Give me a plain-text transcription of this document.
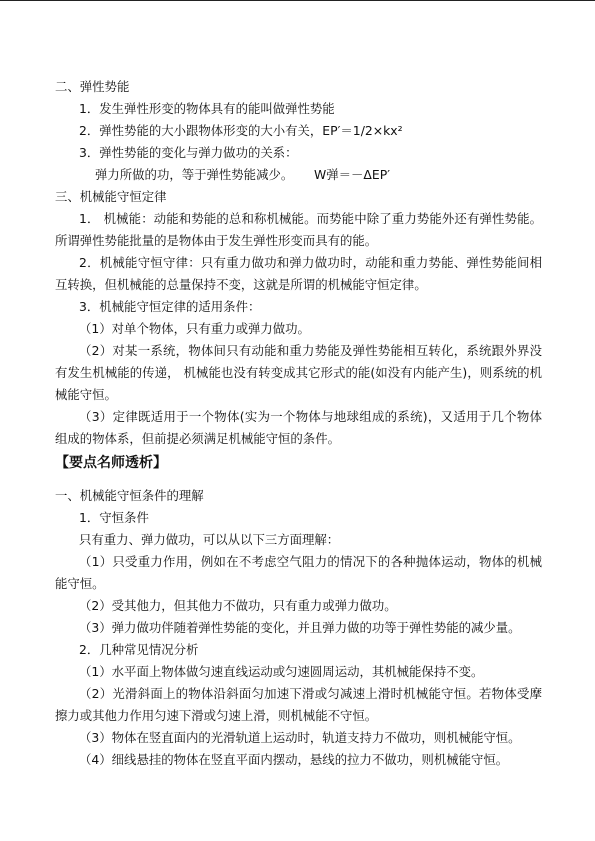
二、弹性势能
1．发生弹性形变的物体具有的能叫做弹性势能
2．弹性势能的大小跟物体形变的大小有关，EP′＝1/2×kx²
3．弹性势能的变化与弹力做功的关系：
弹力所做的功，等于弹性势能减少。 W弹＝－ΔEP′
三、机械能守恒定律
1． 机械能：动能和势能的总和称机械能。而势能中除了重力势能外还有弹性势能。所谓弹性势能批量的是物体由于发生弹性形变而具有的能。
2．机械能守恒守律：只有重力做功和弹力做功时，动能和重力势能、弹性势能间相互转换，但机械能的总量保持不变，这就是所谓的机械能守恒定律。
3．机械能守恒定律的适用条件：
（1）对单个物体，只有重力或弹力做功。
（2）对某一系统，物体间只有动能和重力势能及弹性势能相互转化，系统跟外界没有发生机械能的传递， 机械能也没有转变成其它形式的能(如没有内能产生)，则系统的机械能守恒。
（3）定律既适用于一个物体(实为一个物体与地球组成的系统)，又适用于几个物体组成的物体系，但前提必须满足机械能守恒的条件。
【要点名师透析】
一、机械能守恒条件的理解
1．守恒条件
只有重力、弹力做功，可以从以下三方面理解：
（1）只受重力作用，例如在不考虑空气阻力的情况下的各种抛体运动，物体的机械能守恒。
（2）受其他力，但其他力不做功，只有重力或弹力做功。
（3）弹力做功伴随着弹性势能的变化，并且弹力做的功等于弹性势能的减少量。
2．几种常见情况分析
（1）水平面上物体做匀速直线运动或匀速圆周运动，其机械能保持不变。
（2）光滑斜面上的物体沿斜面匀加速下滑或匀减速上滑时机械能守恒。若物体受摩擦力或其他力作用匀速下滑或匀速上滑，则机械能不守恒。
（3）物体在竖直面内的光滑轨道上运动时，轨道支持力不做功，则机械能守恒。
（4）细线悬挂的物体在竖直平面内摆动，悬线的拉力不做功，则机械能守恒。
